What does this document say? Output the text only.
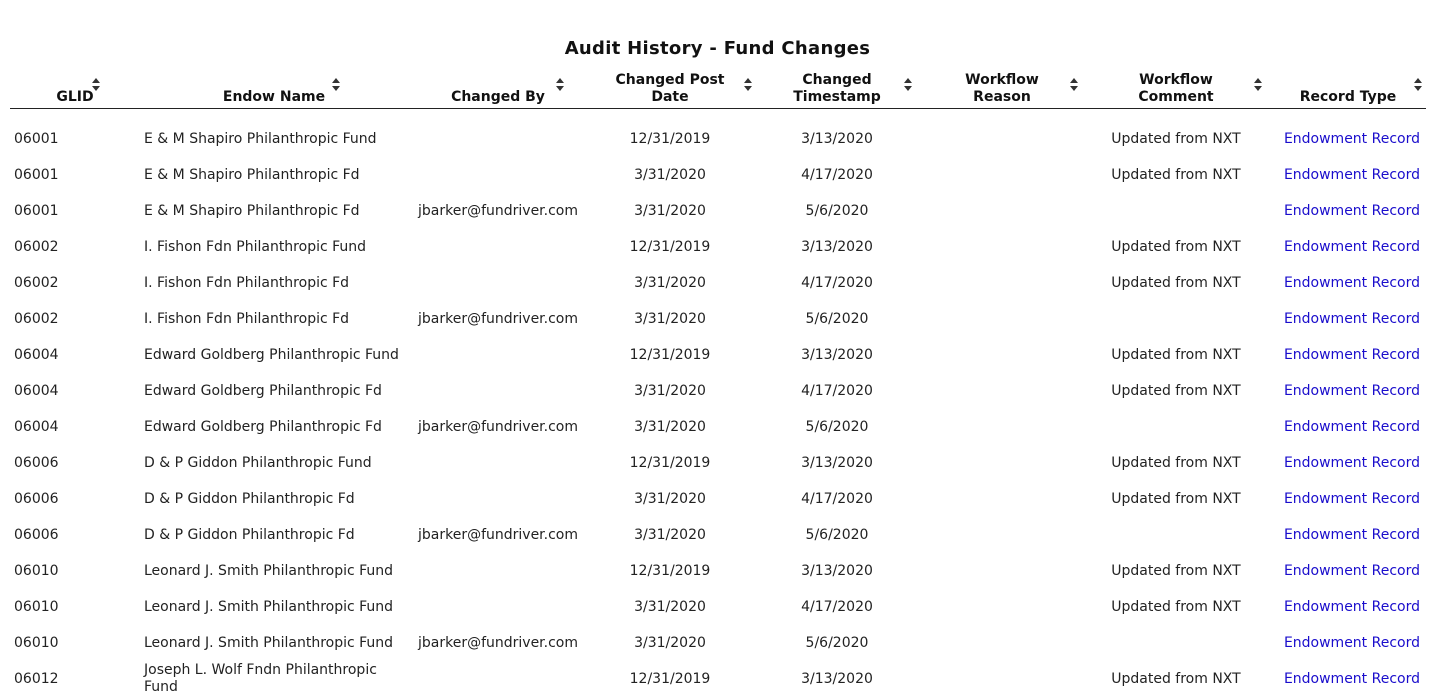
Audit History - Fund Changes
GLID	Endow Name	Changed By	Changed Post Date	Changed Timestamp	Workflow Reason	Workflow Comment	Record Type

06001	E & M Shapiro Philanthropic Fund		12/31/2019	3/13/2020		Updated from NXT	Endowment Record
06001	E & M Shapiro Philanthropic Fd		3/31/2020	4/17/2020		Updated from NXT	Endowment Record
06001	E & M Shapiro Philanthropic Fd	jbarker@fundriver.com	3/31/2020	5/6/2020			Endowment Record
06002	I. Fishon Fdn Philanthropic Fund		12/31/2019	3/13/2020		Updated from NXT	Endowment Record
06002	I. Fishon Fdn Philanthropic Fd		3/31/2020	4/17/2020		Updated from NXT	Endowment Record
06002	I. Fishon Fdn Philanthropic Fd	jbarker@fundriver.com	3/31/2020	5/6/2020			Endowment Record
06004	Edward Goldberg Philanthropic Fund		12/31/2019	3/13/2020		Updated from NXT	Endowment Record
06004	Edward Goldberg Philanthropic Fd		3/31/2020	4/17/2020		Updated from NXT	Endowment Record
06004	Edward Goldberg Philanthropic Fd	jbarker@fundriver.com	3/31/2020	5/6/2020			Endowment Record
06006	D & P Giddon Philanthropic Fund		12/31/2019	3/13/2020		Updated from NXT	Endowment Record
06006	D & P Giddon Philanthropic Fd		3/31/2020	4/17/2020		Updated from NXT	Endowment Record
06006	D & P Giddon Philanthropic Fd	jbarker@fundriver.com	3/31/2020	5/6/2020			Endowment Record
06010	Leonard J. Smith Philanthropic Fund		12/31/2019	3/13/2020		Updated from NXT	Endowment Record
06010	Leonard J. Smith Philanthropic Fund		3/31/2020	4/17/2020		Updated from NXT	Endowment Record
06010	Leonard J. Smith Philanthropic Fund	jbarker@fundriver.com	3/31/2020	5/6/2020			Endowment Record
06012	Joseph L. Wolf Fndn Philanthropic Fund		12/31/2019	3/13/2020		Updated from NXT	Endowment Record
